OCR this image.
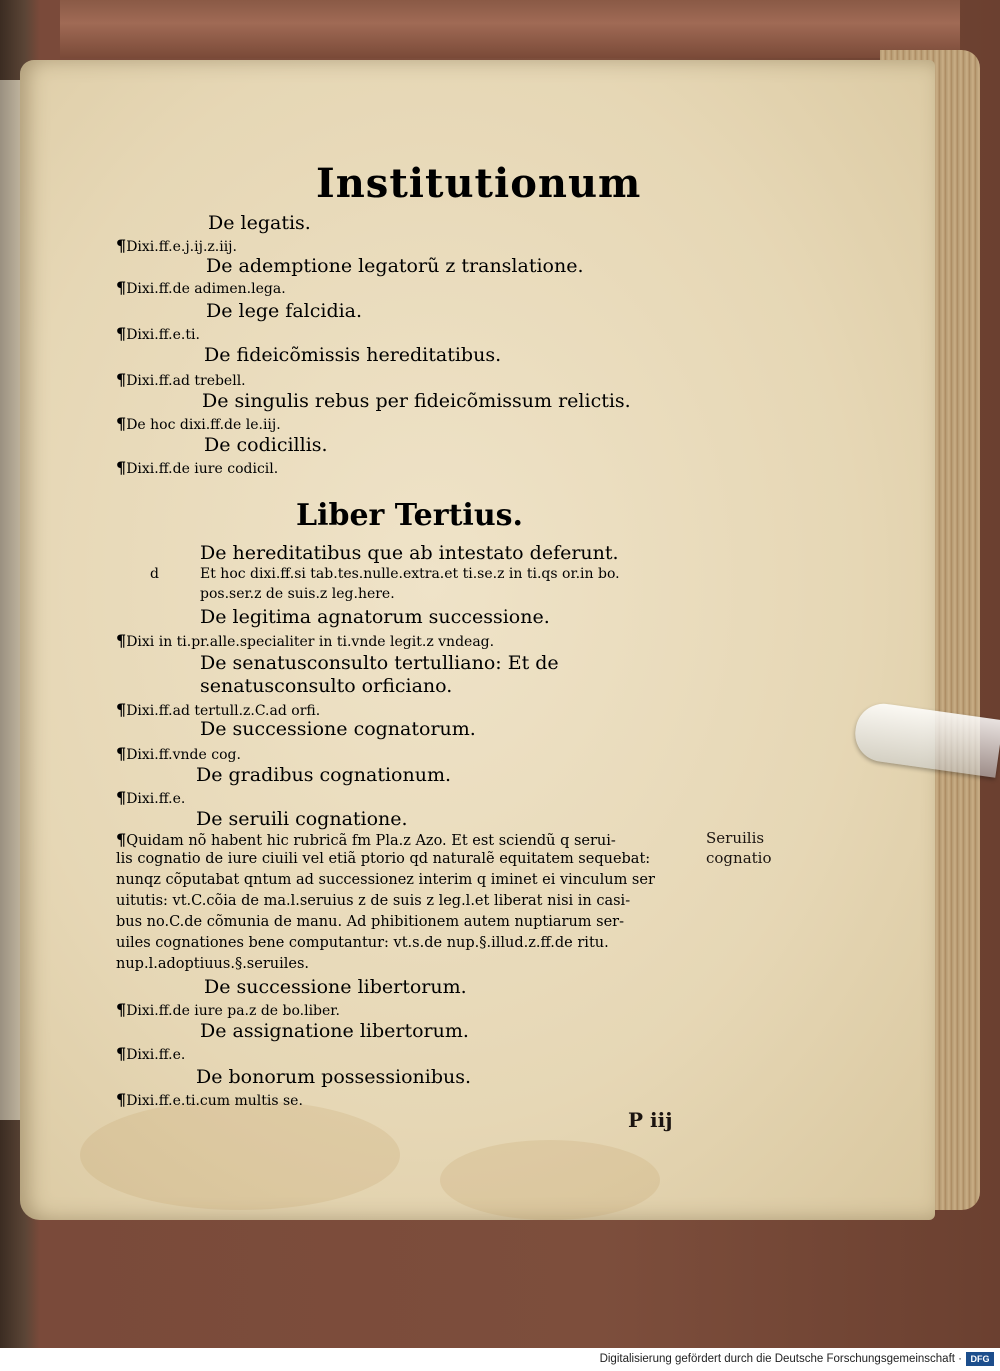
Institutionum
De legatis.
¶Dixi.ff.e.j.ij.z.iij.
De ademptione legatorũ z translatione.
¶Dixi.ff.de adimen.lega.
De lege falcidia.
¶Dixi.ff.e.ti.
De fideicõmissis hereditatibus.
¶Dixi.ff.ad trebell.
De singulis rebus per fideicõmissum relictis.
¶De hoc dixi.ff.de le.iij.
De codicillis.
¶Dixi.ff.de iure codicil.
Liber Tertius.
De hereditatibus que ab intestato deferunt.
d	Et hoc dixi.ff.si tab.tes.nulle.extra.et ti.se.z in ti.qs or.in bo.
pos.ser.z de suis.z leg.here.
De legitima agnatorum successione.
¶Dixi in ti.pr.alle.specialiter in ti.vnde legit.z vndeag.
De senatusconsulto tertulliano: Et de
senatusconsulto orficiano.
¶Dixi.ff.ad tertull.z.C.ad orfi.
De successione cognatorum.
¶Dixi.ff.vnde cog.
De gradibus cognationum.
¶Dixi.ff.e.
De seruili cognatione.
¶Quidam nõ habent hic rubricã fm Pla.z Azo. Et est sciendũ q serui-
lis cognatio de iure ciuili vel etiã ptorio qd naturalẽ equitatem sequebat:
nunqz cõputabat qntum ad successionez interim q iminet ei vinculum ser
uitutis: vt.C.cõia de ma.l.seruius z de suis z leg.l.et liberat nisi in casi-
bus no.C.de cõmunia de manu. Ad phibitionem autem nuptiarum ser-
uiles cognationes bene computantur: vt.s.de nup.§.illud.z.ff.de ritu.
nup.l.adoptiuus.§.seruiles.
Seruilis
cognatio
De successione libertorum.
¶Dixi.ff.de iure pa.z de bo.liber.
De assignatione libertorum.
¶Dixi.ff.e.
De bonorum possessionibus.
¶Dixi.ff.e.ti.cum multis se.
P iij
Digitalisierung gefördert durch die Deutsche Forschungsgemeinschaft · DFG
